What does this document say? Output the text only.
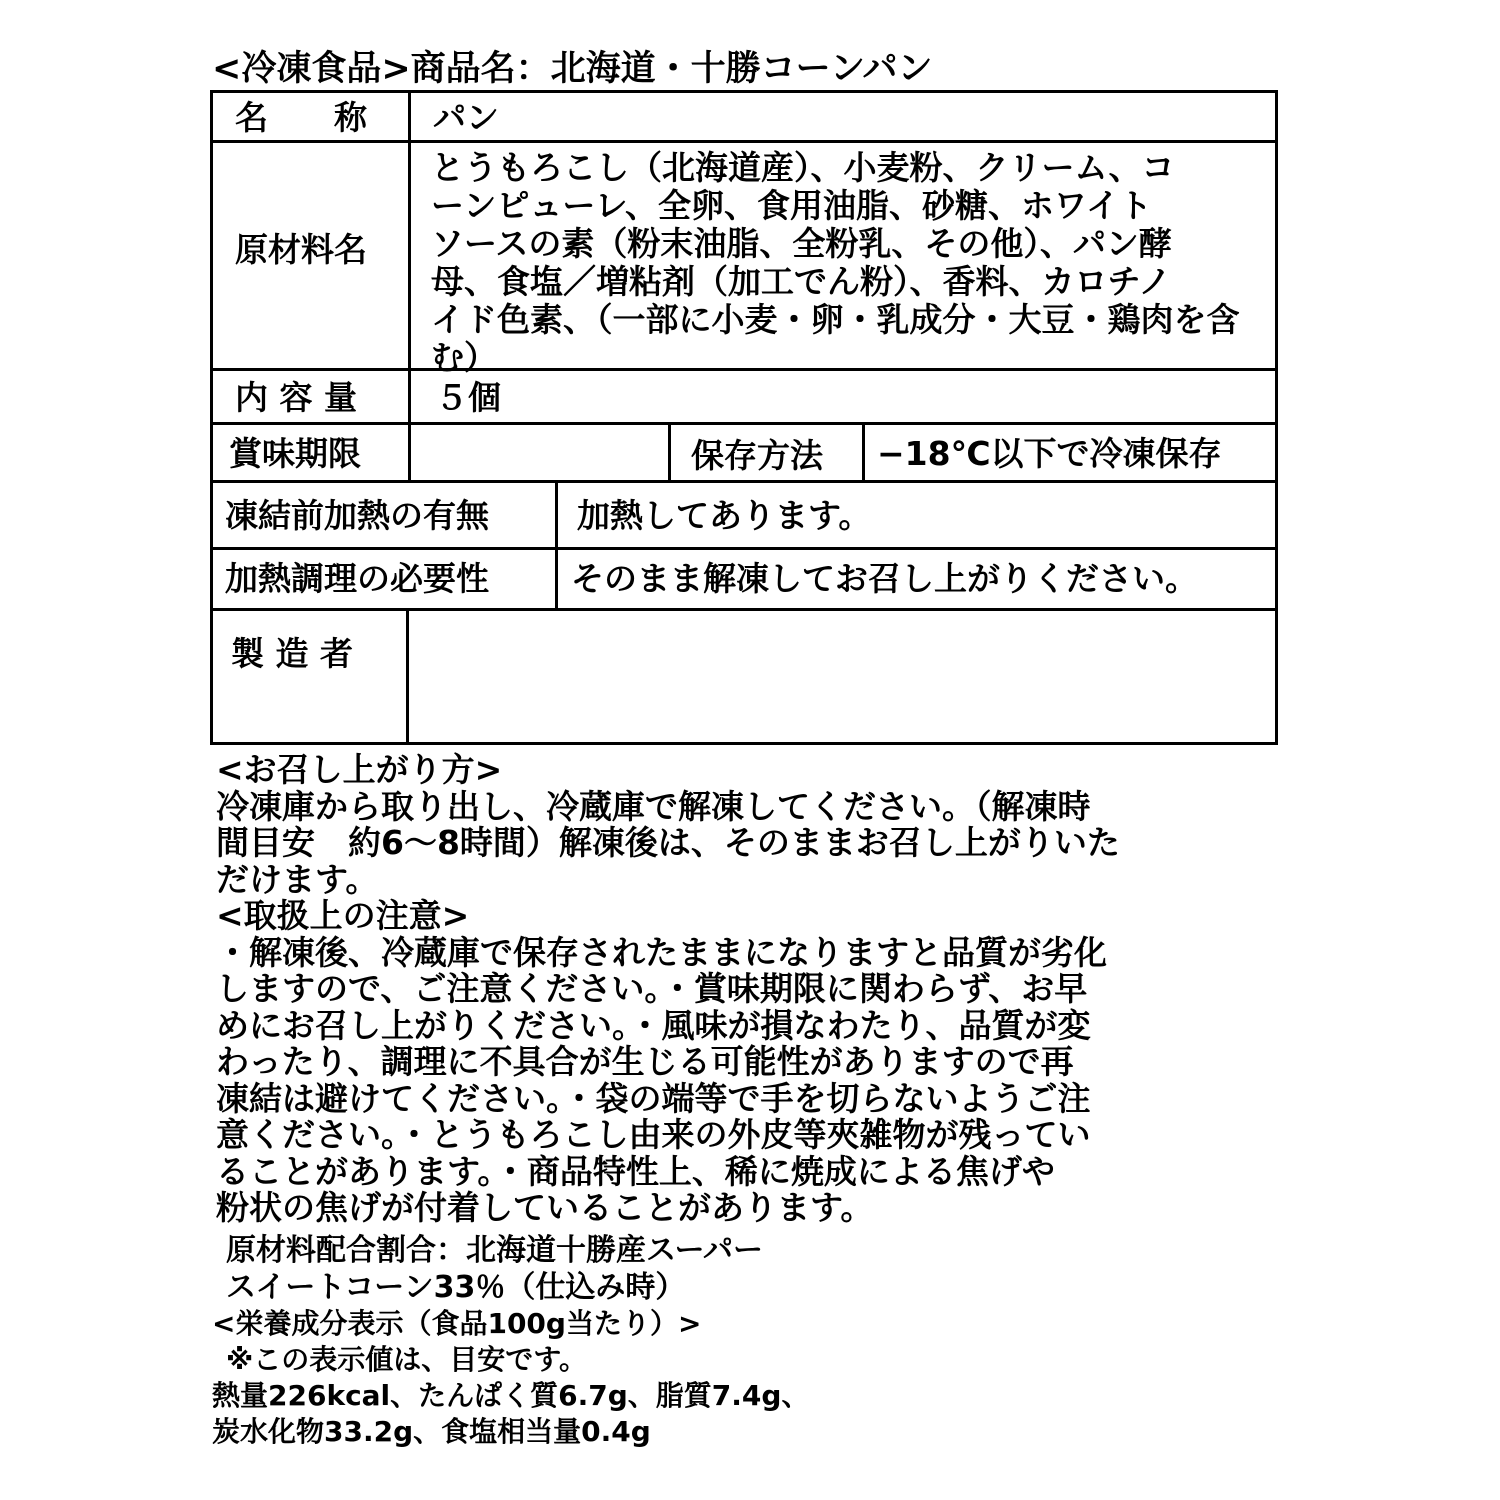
<冷凍食品>商品名：北海道・十勝コーンパン
名　　称 パン
原材料名
とうもろこし（北海道産）、小麦粉、クリーム、コ
ーンピューレ、全卵、食用油脂、砂糖、ホワイト
ソースの素（粉末油脂、全粉乳、その他）、パン酵
母、食塩／増粘剤（加工でん粉）、香料、カロチノ
イド色素、（一部に小麦・卵・乳成分・大豆・鶏肉を含
む）
内 容 量 ５個
賞味期限	保存方法 −18℃以下で冷凍保存
凍結前加熱の有無	加熱してあります。
加熱調理の必要性 そのまま解凍してお召し上がりください。
製 造 者
<お召し上がり方>
冷凍庫から取り出し、冷蔵庫で解凍してください。（解凍時
間目安　約6〜8時間）解凍後は、そのままお召し上がりいた
だけます。
<取扱上の注意>
・解凍後、冷蔵庫で保存されたままになりますと品質が劣化
しますので、ご注意ください。・賞味期限に関わらず、お早
めにお召し上がりください。・風味が損なわたり、品質が変
わったり、調理に不具合が生じる可能性がありますので再
凍結は避けてください。・袋の端等で手を切らないようご注
意ください。・とうもろこし由来の外皮等夾雑物が残ってい
ることがあります。・商品特性上、稀に焼成による焦げや
粉状の焦げが付着していることがあります。
原材料配合割合：北海道十勝産スーパー
スイートコーン33％（仕込み時）
<栄養成分表示（食品100g当たり）>
※この表示値は、目安です。
熱量226kcal、たんぱく質6.7g、脂質7.4g、
炭水化物33.2g、食塩相当量0.4g
